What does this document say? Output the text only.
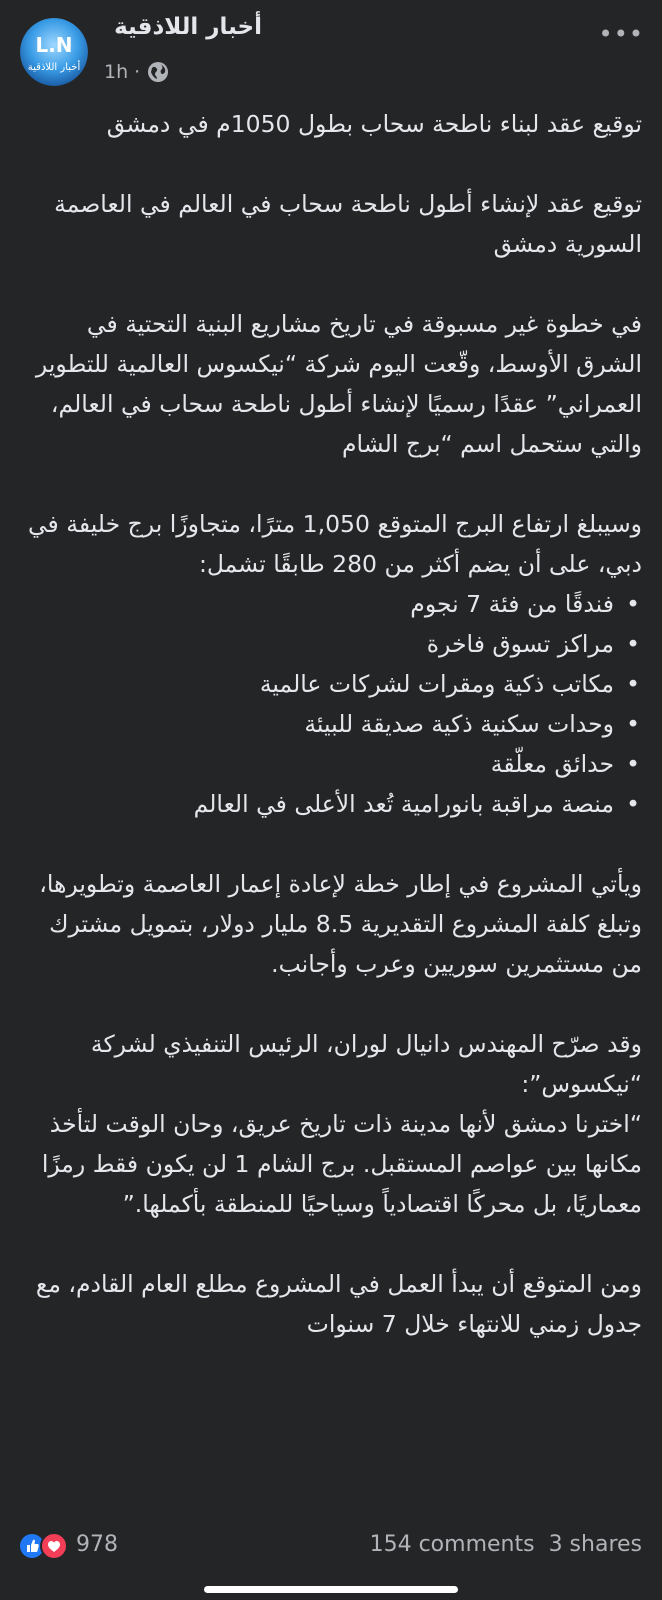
L.N
أخبار اللاذقية
أخبار اللاذقية
1h ·
•••

توقيع عقد لبناء ناطحة سحاب بطول 1050م في دمشق

توقيع عقد لإنشاء أطول ناطحة سحاب في العالم في العاصمة السورية دمشق

في خطوة غير مسبوقة في تاريخ مشاريع البنية التحتية في الشرق الأوسط، وقّعت اليوم شركة “نيكسوس العالمية للتطوير العمراني” عقدًا رسميًا لإنشاء أطول ناطحة سحاب في العالم، والتي ستحمل اسم “برج الشام

وسيبلغ ارتفاع البرج المتوقع 1,050 مترًا، متجاوزًا برج خليفة في دبي، على أن يضم أكثر من 280 طابقًا تشمل:

• فندقًا من فئة 7 نجوم
• مراكز تسوق فاخرة
• مكاتب ذكية ومقرات لشركات عالمية
• وحدات سكنية ذكية صديقة للبيئة
• حدائق معلّقة
• منصة مراقبة بانورامية تُعد الأعلى في العالم

ويأتي المشروع في إطار خطة لإعادة إعمار العاصمة وتطويرها، وتبلغ كلفة المشروع التقديرية 8.5 مليار دولار، بتمويل مشترك من مستثمرين سوريين وعرب وأجانب.

وقد صرّح المهندس دانيال لوران، الرئيس التنفيذي لشركة “نيكسوس”:

“اخترنا دمشق لأنها مدينة ذات تاريخ عريق، وحان الوقت لتأخذ مكانها بين عواصم المستقبل. برج الشام 1 لن يكون فقط رمزًا معماريًا، بل محركًا اقتصادياً وسياحيًا للمنطقة بأكملها.”

ومن المتوقع أن يبدأ العمل في المشروع مطلع العام القادم، مع جدول زمني للانتهاء خلال 7 سنوات

978	154 comments 3 shares
